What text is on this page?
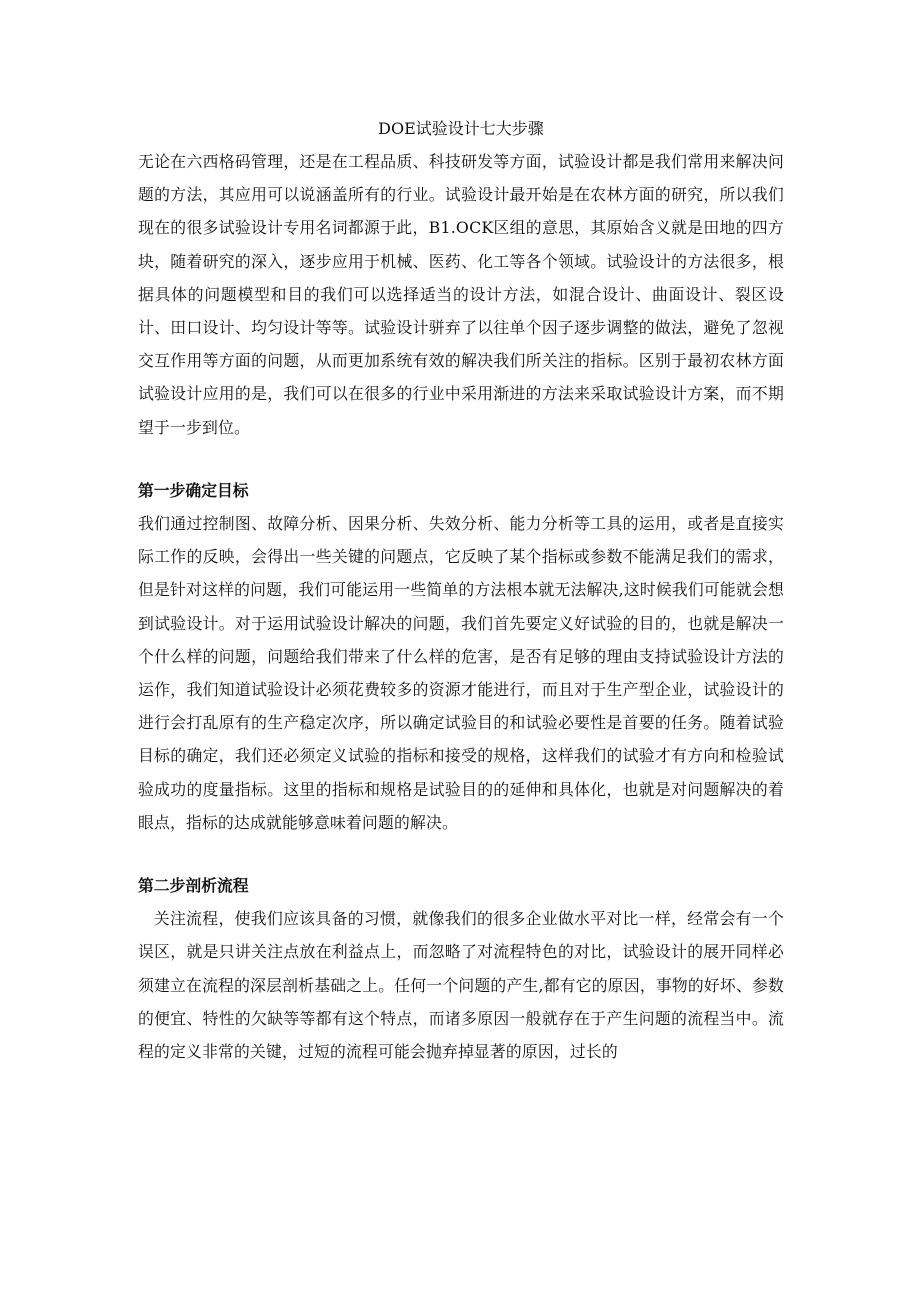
DOE试验设计七大步骤

无论在六西格码管理，还是在工程品质、科技研发等方面，试验设计都是我们常用来解决问题的方法，其应用可以说涵盖所有的行业。试验设计最开始是在农林方面的研究，所以我们现在的很多试验设计专用名词都源于此，B1.OCK区组的意思，其原始含义就是田地的四方块，随着研究的深入，逐步应用于机械、医药、化工等各个领域。试验设计的方法很多，根据具体的问题模型和目的我们可以选择适当的设计方法，如混合设计、曲面设计、裂区设计、田口设计、均匀设计等等。试验设计骈弃了以往单个因子逐步调整的做法，避免了忽视交互作用等方面的问题，从而更加系统有效的解决我们所关注的指标。区别于最初农林方面试验设计应用的是，我们可以在很多的行业中采用渐进的方法来采取试验设计方案，而不期望于一步到位。

第一步确定目标

我们通过控制图、故障分析、因果分析、失效分析、能力分析等工具的运用，或者是直接实际工作的反映，会得出一些关键的问题点，它反映了某个指标或参数不能满足我们的需求，但是针对这样的问题，我们可能运用一些简单的方法根本就无法解决,这时候我们可能就会想到试验设计。对于运用试验设计解决的问题，我们首先要定义好试验的目的，也就是解决一个什么样的问题，问题给我们带来了什么样的危害，是否有足够的理由支持试验设计方法的运作，我们知道试验设计必须花费较多的资源才能进行，而且对于生产型企业，试验设计的进行会打乱原有的生产稳定次序，所以确定试验目的和试验必要性是首要的任务。随着试验目标的确定，我们还必须定义试验的指标和接受的规格，这样我们的试验才有方向和检验试验成功的度量指标。这里的指标和规格是试验目的的延伸和具体化，也就是对问题解决的着眼点，指标的达成就能够意味着问题的解决。

第二步剖析流程

关注流程，使我们应该具备的习惯，就像我们的很多企业做水平对比一样，经常会有一个误区，就是只讲关注点放在利益点上，而忽略了对流程特色的对比，试验设计的展开同样必须建立在流程的深层剖析基础之上。任何一个问题的产生,都有它的原因，事物的好坏、参数的便宜、特性的欠缺等等都有这个特点，而诸多原因一般就存在于产生问题的流程当中。流程的定义非常的关键，过短的流程可能会抛弃掉显著的原因，过长的
